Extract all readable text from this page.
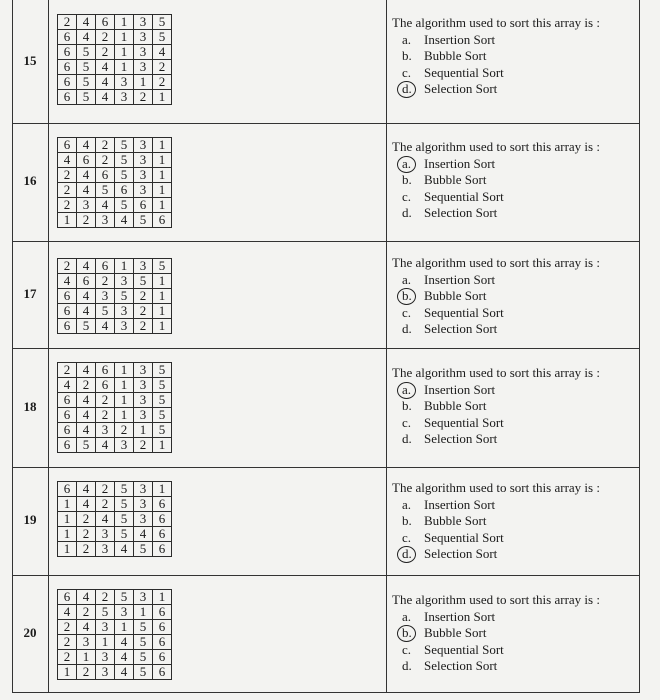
15
2	4	6	1	3	5
6	4	2	1	3	5
6	5	2	1	3	4
6	5	4	1	3	2
6	5	4	3	1	2
6	5	4	3	2	1
The algorithm used to sort this array is :
a. Insertion Sort
b. Bubble Sort
c. Sequential Sort
d. Selection Sort
16
6	4	2	5	3	1
4	6	2	5	3	1
2	4	6	5	3	1
2	4	5	6	3	1
2	3	4	5	6	1
1	2	3	4	5	6
The algorithm used to sort this array is :
a. Insertion Sort
b. Bubble Sort
c. Sequential Sort
d. Selection Sort
17
2	4	6	1	3	5
4	6	2	3	5	1
6	4	3	5	2	1
6	4	5	3	2	1
6	5	4	3	2	1
The algorithm used to sort this array is :
a. Insertion Sort
b. Bubble Sort
c. Sequential Sort
d. Selection Sort
18
2	4	6	1	3	5
4	2	6	1	3	5
6	4	2	1	3	5
6	4	2	1	3	5
6	4	3	2	1	5
6	5	4	3	2	1
The algorithm used to sort this array is :
a. Insertion Sort
b. Bubble Sort
c. Sequential Sort
d. Selection Sort
19
6	4	2	5	3	1
1	4	2	5	3	6
1	2	4	5	3	6
1	2	3	5	4	6
1	2	3	4	5	6
The algorithm used to sort this array is :
a. Insertion Sort
b. Bubble Sort
c. Sequential Sort
d. Selection Sort
20
6	4	2	5	3	1
4	2	5	3	1	6
2	4	3	1	5	6
2	3	1	4	5	6
2	1	3	4	5	6
1	2	3	4	5	6
The algorithm used to sort this array is :
a. Insertion Sort
b. Bubble Sort
c. Sequential Sort
d. Selection Sort
